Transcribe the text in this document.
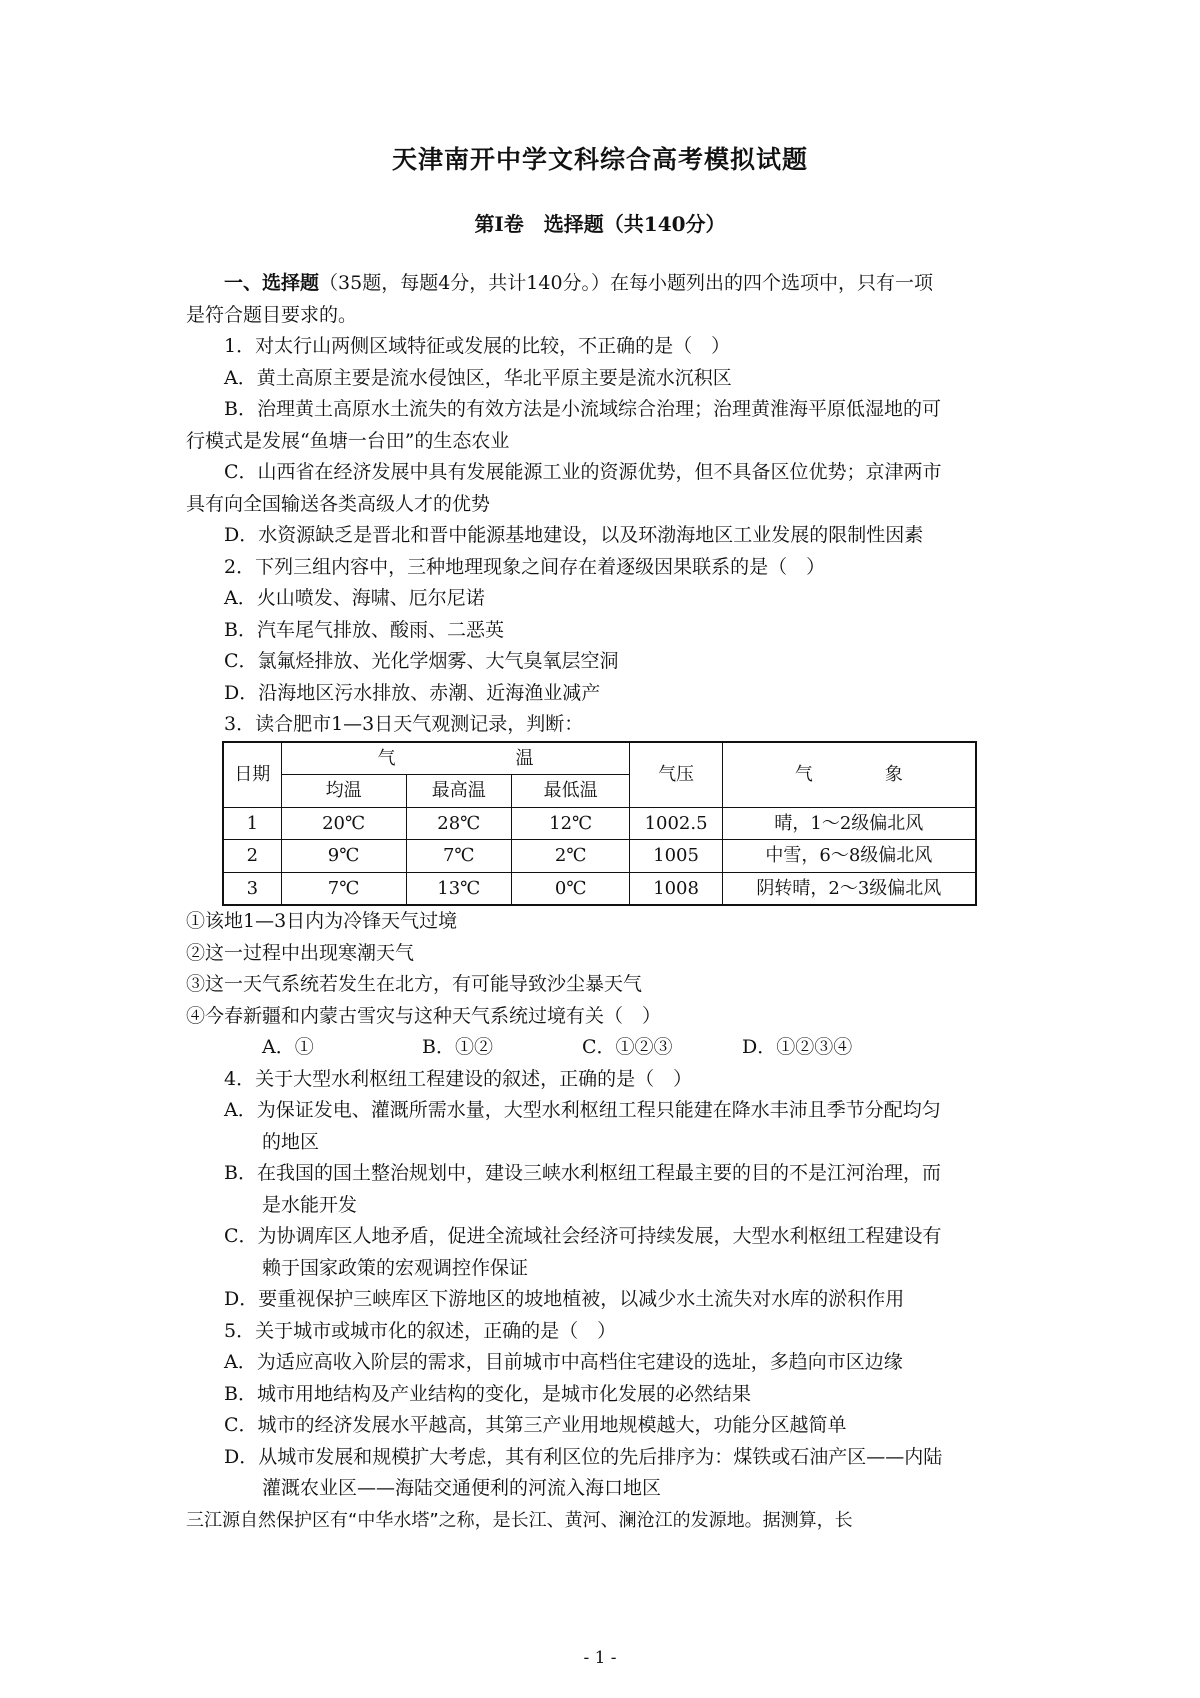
天津南开中学文科综合高考模拟试题
第Ⅰ卷　选择题（共140分）
一、选择题（35题，每题4分，共计140分。）在每小题列出的四个选项中，只有一项
是符合题目要求的。
1．对太行山两侧区域特征或发展的比较，不正确的是（　）
A．黄土高原主要是流水侵蚀区，华北平原主要是流水沉积区
B．治理黄土高原水土流失的有效方法是小流域综合治理；治理黄淮海平原低湿地的可
行模式是发展“鱼塘一台田”的生态农业
C．山西省在经济发展中具有发展能源工业的资源优势，但不具备区位优势；京津两市
具有向全国输送各类高级人才的优势
D．水资源缺乏是晋北和晋中能源基地建设，以及环渤海地区工业发展的限制性因素
2．下列三组内容中，三种地理现象之间存在着逐级因果联系的是（　）
A．火山喷发、海啸、厄尔尼诺
B．汽车尾气排放、酸雨、二恶英
C．氯氟烃排放、光化学烟雾、大气臭氧层空洞
D．沿海地区污水排放、赤潮、近海渔业减产
3．读合肥市1—3日天气观测记录，判断：
日期	气 温			气压	气 象
	均温	最高温	最低温		
1	20℃	28℃	12℃	1002.5	晴，1～2级偏北风
2	9℃	7℃	2℃	1005	中雪，6～8级偏北风
3	7℃	13℃	0℃	1008	阴转晴，2～3级偏北风
①该地1—3日内为冷锋天气过境
②这一过程中出现寒潮天气
③这一天气系统若发生在北方，有可能导致沙尘暴天气
④今春新疆和内蒙古雪灾与这种天气系统过境有关（　）
A．①	B．①②	C．①②③	D．①②③④
4．关于大型水利枢纽工程建设的叙述，正确的是（　）
A．为保证发电、灌溉所需水量，大型水利枢纽工程只能建在降水丰沛且季节分配均匀
的地区
B．在我国的国土整治规划中，建设三峡水利枢纽工程最主要的目的不是江河治理，而
是水能开发
C．为协调库区人地矛盾，促进全流域社会经济可持续发展，大型水利枢纽工程建设有
赖于国家政策的宏观调控作保证
D．要重视保护三峡库区下游地区的坡地植被，以减少水土流失对水库的淤积作用
5．关于城市或城市化的叙述，正确的是（　）
A．为适应高收入阶层的需求，目前城市中高档住宅建设的选址，多趋向市区边缘
B．城市用地结构及产业结构的变化，是城市化发展的必然结果
C．城市的经济发展水平越高，其第三产业用地规模越大，功能分区越简单
D．从城市发展和规模扩大考虑，其有利区位的先后排序为：煤铁或石油产区——内陆
灌溉农业区——海陆交通便利的河流入海口地区
三江源自然保护区有“中华水塔”之称，是长江、黄河、澜沧江的发源地。据测算，长
- 1 -
